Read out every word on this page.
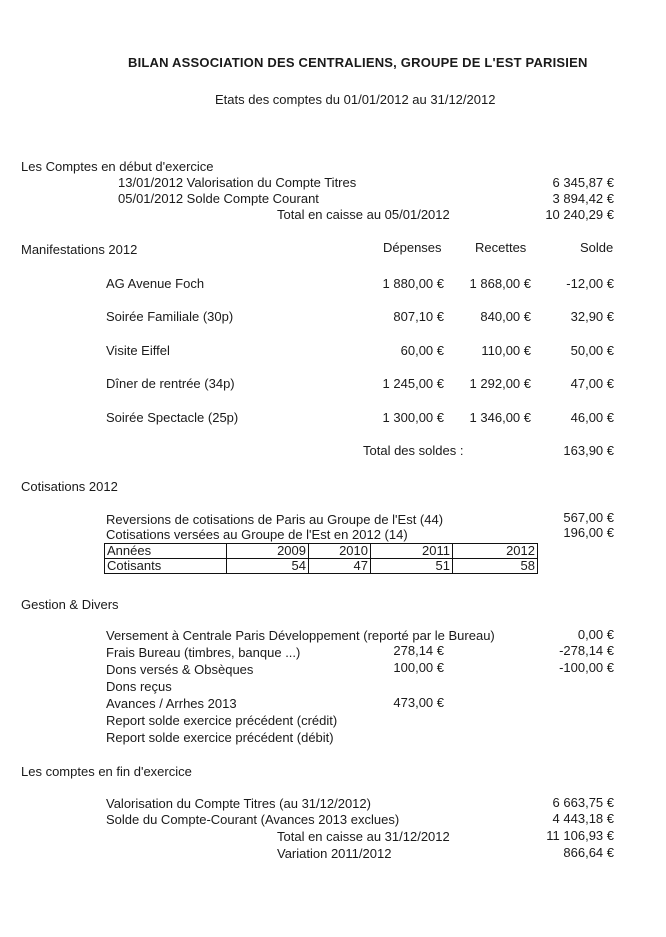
BILAN ASSOCIATION DES CENTRALIENS, GROUPE DE L'EST PARISIEN
Etats des comptes du 01/01/2012 au 31/12/2012
Les Comptes en début d'exercice
13/01/2012 Valorisation du Compte Titres	6 345,87 €
05/01/2012 Solde Compte Courant	3 894,42 €
Total en caisse au 05/01/2012	10 240,29 €
Manifestations 2012	Dépenses	Recettes	Solde
AG Avenue Foch	1 880,00 € 1 868,00 €	-12,00 €
Soirée Familiale (30p)	807,10 €	840,00 €	32,90 €
Visite Eiffel	60,00 €	110,00 €	50,00 €
Dîner de rentrée (34p)	1 245,00 € 1 292,00 €	47,00 €
Soirée Spectacle (25p)	1 300,00 € 1 346,00 €	46,00 €
Total des soldes :	163,90 €
Cotisations 2012
Reversions de cotisations de Paris au Groupe de l'Est (44)	567,00 €
Cotisations versées au Groupe de l'Est en 2012 (14)	196,00 €
Années	2009	2010	2011	2012
Cotisants	54	47	51	58
Gestion & Divers
Versement à Centrale Paris Développement (reporté par le Bureau)	0,00 €
Frais Bureau (timbres, banque ...)	278,14 €	-278,14 €
Dons versés & Obsèques	100,00 €	-100,00 €
Dons reçus
Avances / Arrhes 2013	473,00 €
Report solde exercice précédent (crédit)
Report solde exercice précédent (débit)
Les comptes en fin d'exercice
Valorisation du Compte Titres (au 31/12/2012)	6 663,75 €
Solde du Compte-Courant (Avances 2013 exclues)	4 443,18 €
Total en caisse au 31/12/2012	11 106,93 €
Variation 2011/2012	866,64 €
